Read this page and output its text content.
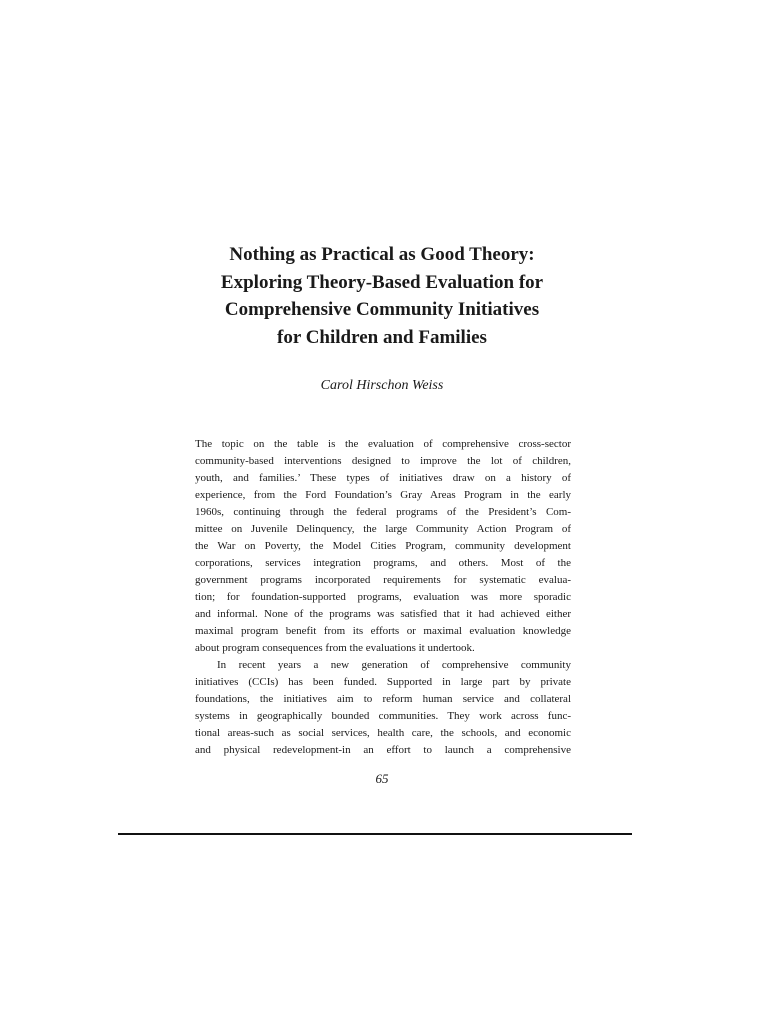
Nothing as Practical as Good Theory:
Exploring Theory-Based Evaluation for
Comprehensive Community Initiatives
for Children and Families
Carol Hirschon Weiss
The topic on the table is the evaluation of comprehensive cross-sector
community-based interventions designed to improve the lot of children,
youth, and families.’ These types of initiatives draw on a history of
experience, from the Ford Foundation’s Gray Areas Program in the early
1960s, continuing through the federal programs of the President’s Com-
mittee on Juvenile Delinquency, the large Community Action Program of
the War on Poverty, the Model Cities Program, community development
corporations, services integration programs, and others. Most of the
government programs incorporated requirements for systematic evalua-
tion; for foundation-supported programs, evaluation was more sporadic
and informal. None of the programs was satisfied that it had achieved either
maximal program benefit from its efforts or maximal evaluation knowledge
about program consequences from the evaluations it undertook.
In recent years a new generation of comprehensive community
initiatives (CCIs) has been funded. Supported in large part by private
foundations, the initiatives aim to reform human service and collateral
systems in geographically bounded communities. They work across func-
tional areas-such as social services, health care, the schools, and economic
and physical redevelopment-in an effort to launch a comprehensive
65
